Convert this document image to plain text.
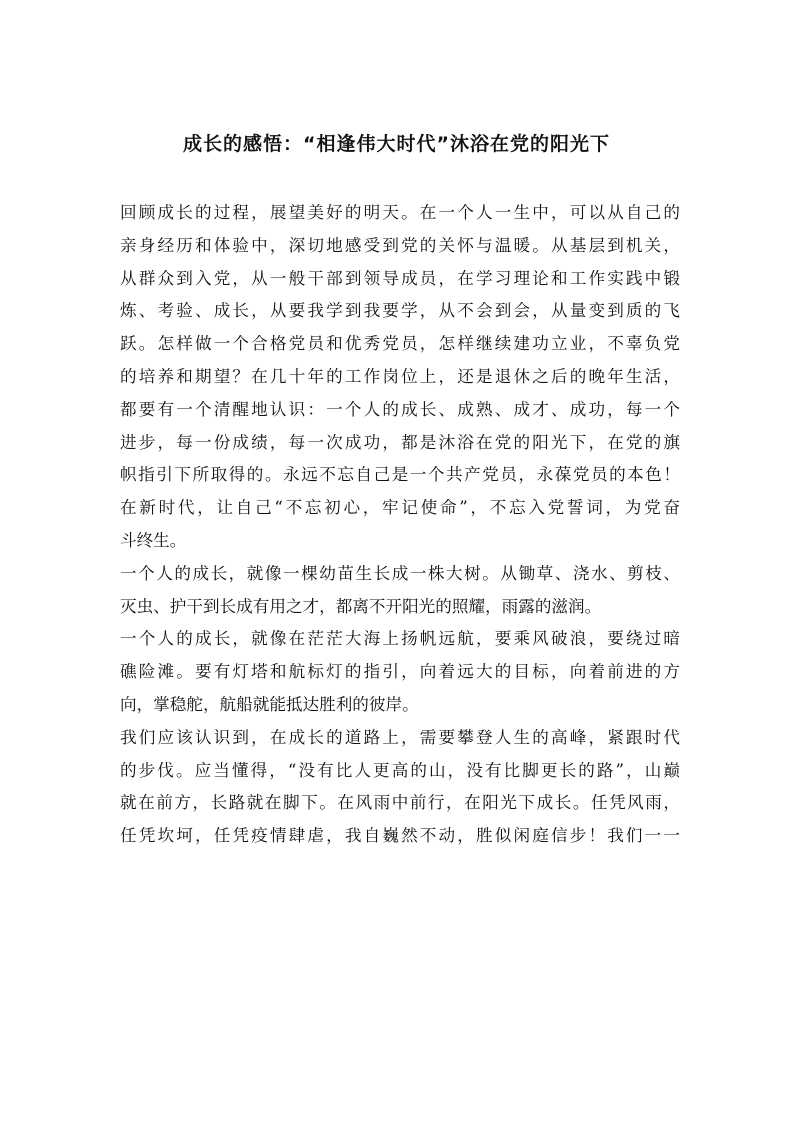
成长的感悟：“相逢伟大时代”沐浴在党的阳光下
回顾成长的过程，展望美好的明天。在一个人一生中，可以从自己的
亲身经历和体验中，深切地感受到党的关怀与温暖。从基层到机关，
从群众到入党，从一般干部到领导成员，在学习理论和工作实践中锻
炼、考验、成长，从要我学到我要学，从不会到会，从量变到质的飞
跃。怎样做一个合格党员和优秀党员，怎样继续建功立业，不辜负党
的培养和期望？在几十年的工作岗位上，还是退休之后的晚年生活，
都要有一个清醒地认识：一个人的成长、成熟、成才、成功，每一个
进步，每一份成绩，每一次成功，都是沐浴在党的阳光下，在党的旗
帜指引下所取得的。永远不忘自己是一个共产党员，永葆党员的本色！
在新时代，让自己“不忘初心，牢记使命”，不忘入党誓词，为党奋
斗终生。
一个人的成长，就像一棵幼苗生长成一株大树。从锄草、浇水、剪枝、
灭虫、护干到长成有用之才，都离不开阳光的照耀，雨露的滋润。
一个人的成长，就像在茫茫大海上扬帆远航，要乘风破浪，要绕过暗
礁险滩。要有灯塔和航标灯的指引，向着远大的目标，向着前进的方
向，掌稳舵，航船就能抵达胜利的彼岸。
我们应该认识到，在成长的道路上，需要攀登人生的高峰，紧跟时代
的步伐。应当懂得，“没有比人更高的山，没有比脚更长的路”，山巅
就在前方，长路就在脚下。在风雨中前行，在阳光下成长。任凭风雨，
任凭坎坷，任凭疫情肆虐，我自巍然不动，胜似闲庭信步！我们一一
